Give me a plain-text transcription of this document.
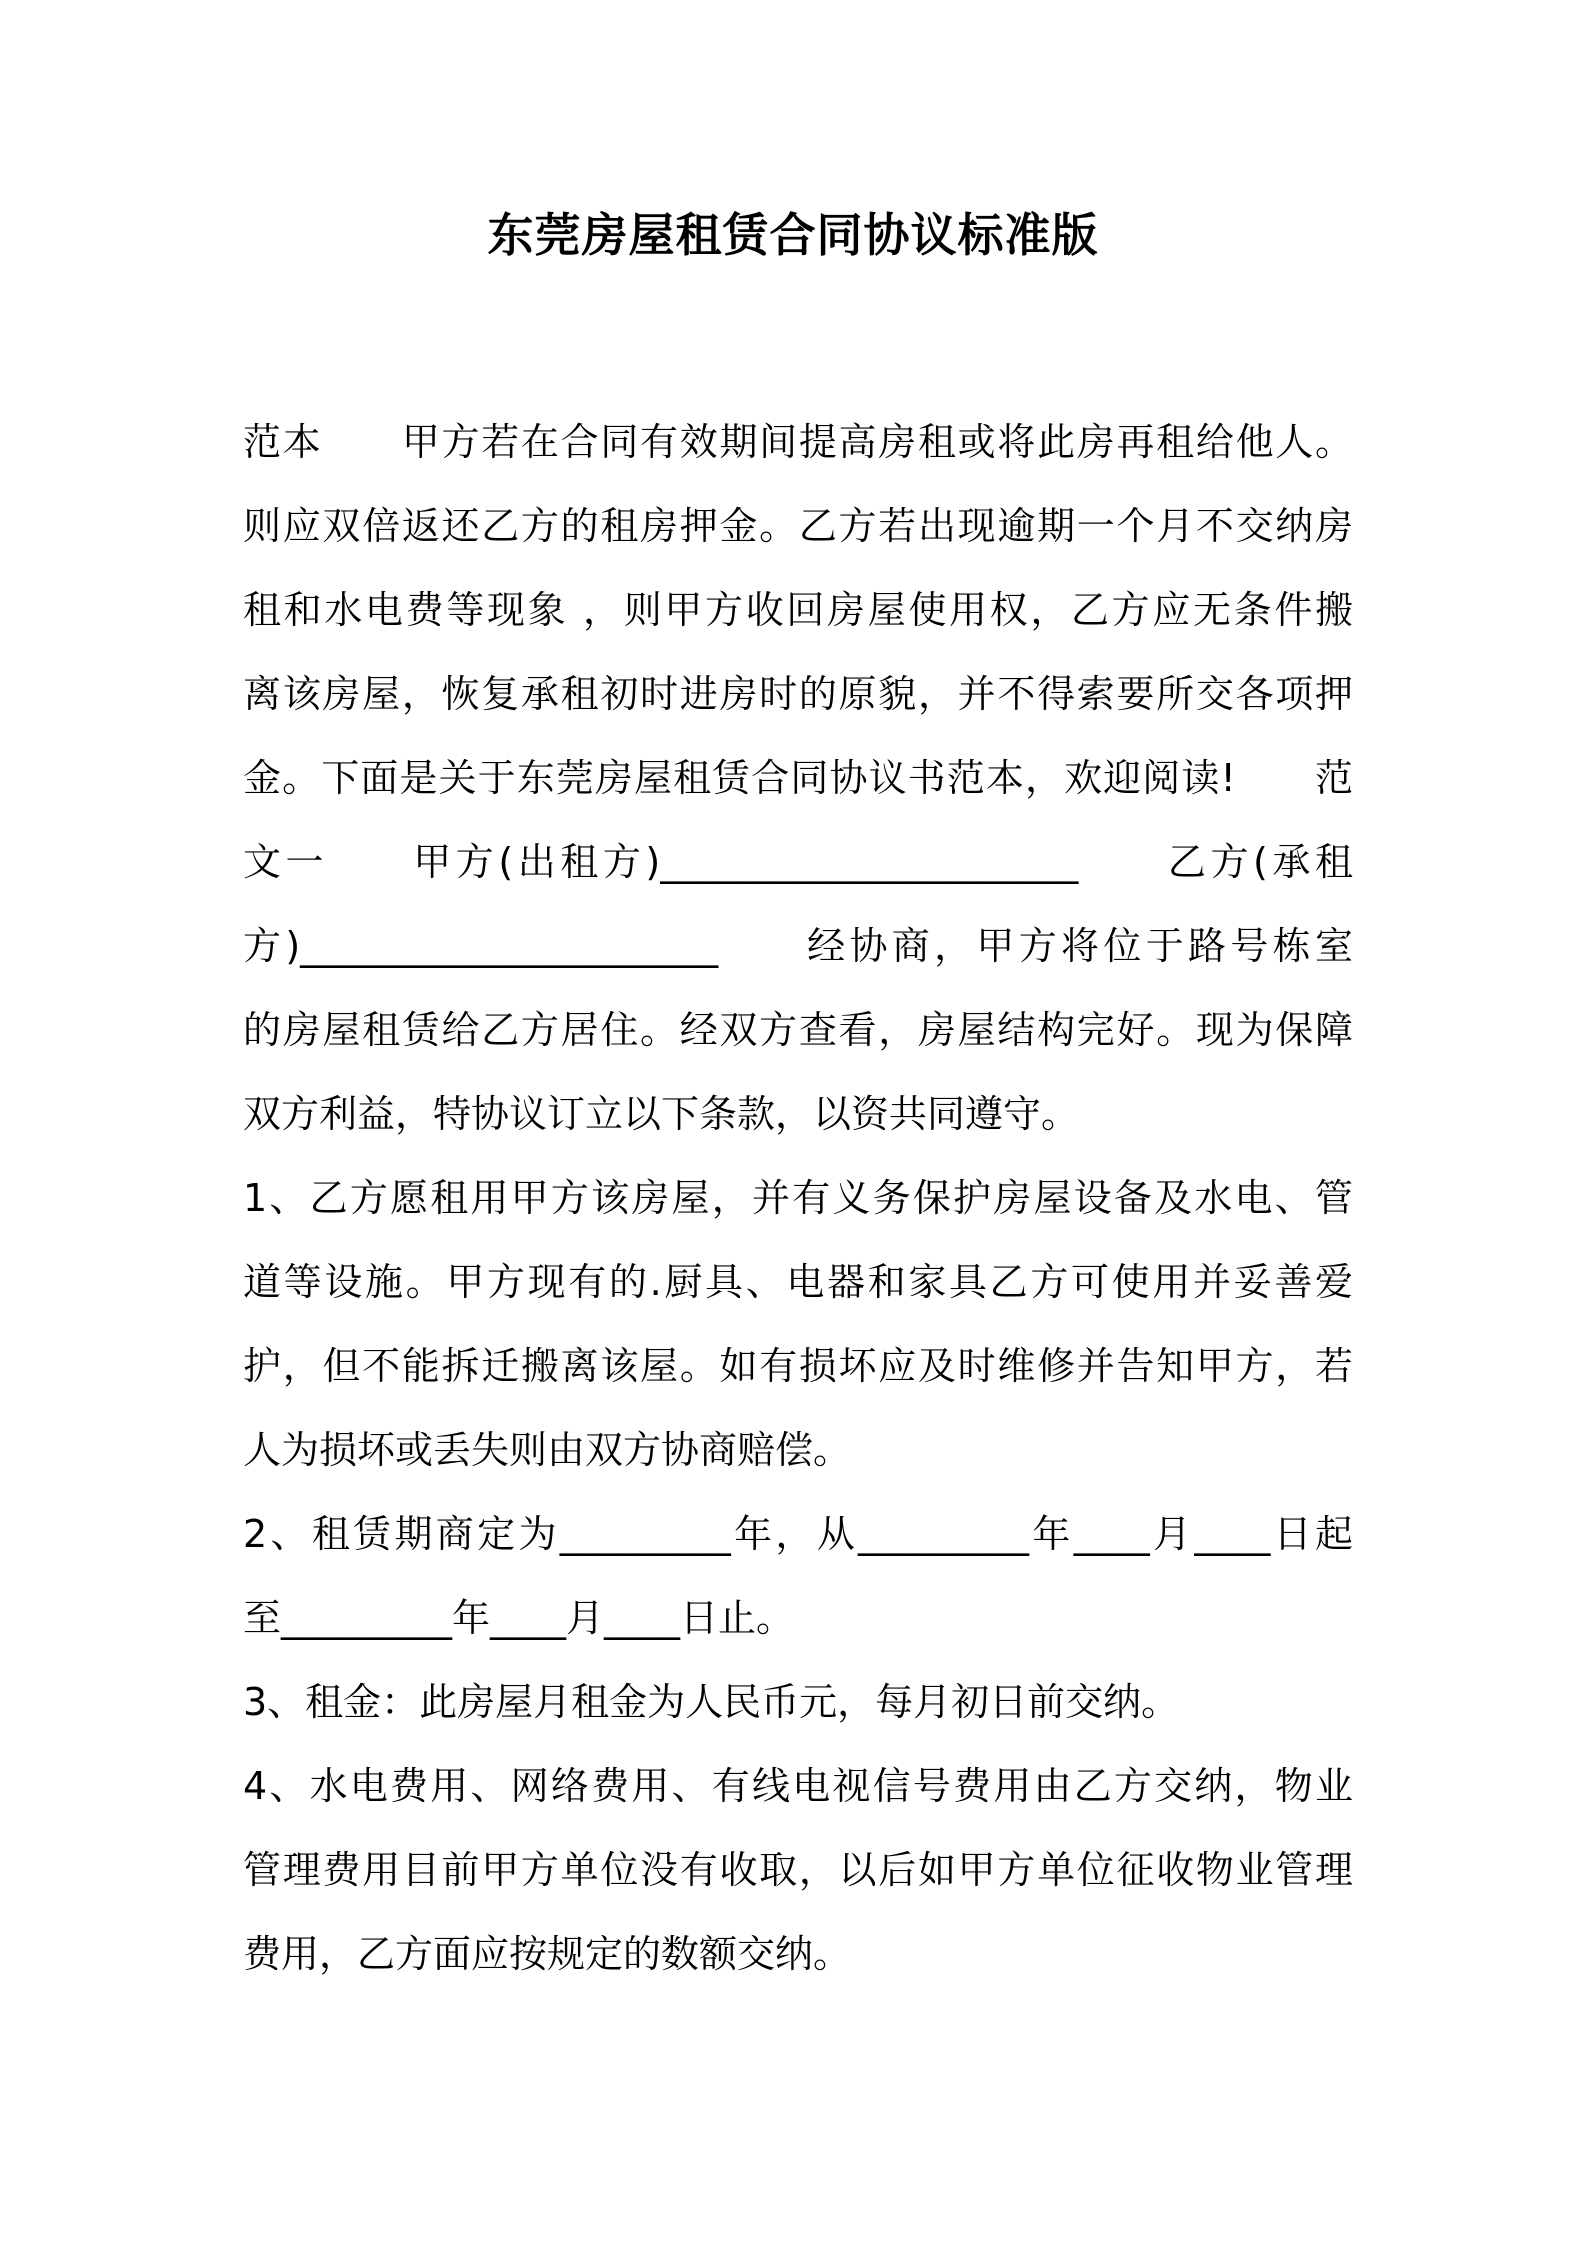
东莞房屋租赁合同协议标准版
范本　　甲方若在合同有效期间提高房租或将此房再租给他人。
则应双倍返还乙方的租房押金。乙方若出现逾期一个月不交纳房
租和水电费等现象 ，则甲方收回房屋使用权，乙方应无条件搬
离该房屋，恢复承租初时进房时的原貌，并不得索要所交各项押
金。下面是关于东莞房屋租赁合同协议书范本，欢迎阅读!　　范
文一　　甲方(出租方)______________________　　乙方(承租
方)______________________　　经协商，甲方将位于路号栋室
的房屋租赁给乙方居住。经双方查看，房屋结构完好。现为保障
双方利益，特协议订立以下条款，以资共同遵守。
1、乙方愿租用甲方该房屋，并有义务保护房屋设备及水电、管
道等设施。甲方现有的.厨具、电器和家具乙方可使用并妥善爱
护，但不能拆迁搬离该屋。如有损坏应及时维修并告知甲方，若
人为损坏或丢失则由双方协商赔偿。
2、租赁期商定为_________年，从_________年____月____日起
至_________年____月____日止。
3、租金：此房屋月租金为人民币元，每月初日前交纳。
4、水电费用、网络费用、有线电视信号费用由乙方交纳，物业
管理费用目前甲方单位没有收取，以后如甲方单位征收物业管理
费用，乙方面应按规定的数额交纳。
